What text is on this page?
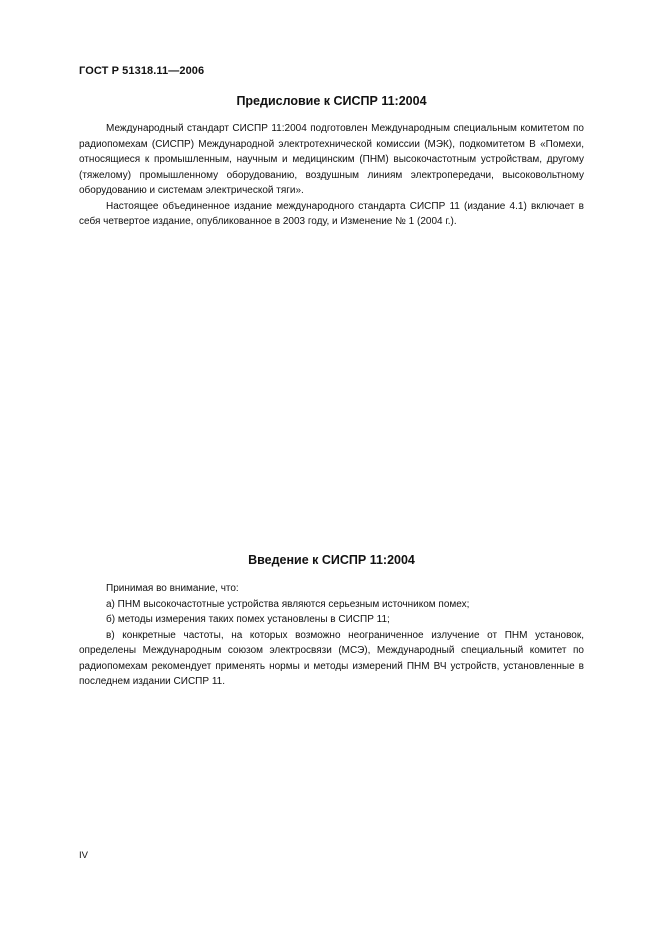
ГОСТ Р 51318.11—2006
Предисловие к СИСПР 11:2004

Международный стандарт СИСПР 11:2004 подготовлен Международным специальным комитетом по радиопомехам (СИСПР) Международной электротехнической комиссии (МЭК), подкомитетом В «Помехи, относящиеся к промышленным, научным и медицинским (ПНМ) высокочастотным устройствам, другому (тяжелому) промышленному оборудованию, воздушным линиям электропередачи, высоковольтному оборудованию и системам электрической тяги».

Настоящее объединенное издание международного стандарта СИСПР 11 (издание 4.1) включает в себя четвертое издание, опубликованное в 2003 году, и Изменение № 1 (2004 г.).

Введение к СИСПР 11:2004

Принимая во внимание, что:

а) ПНМ высокочастотные устройства являются серьезным источником помех;

б) методы измерения таких помех установлены в СИСПР 11;

в) конкретные частоты, на которых возможно неограниченное излучение от ПНМ установок, определены Международным союзом электросвязи (МСЭ), Международный специальный комитет по радиопомехам рекомендует применять нормы и методы измерений ПНМ ВЧ устройств, установленные в последнем издании СИСПР 11.

IV
